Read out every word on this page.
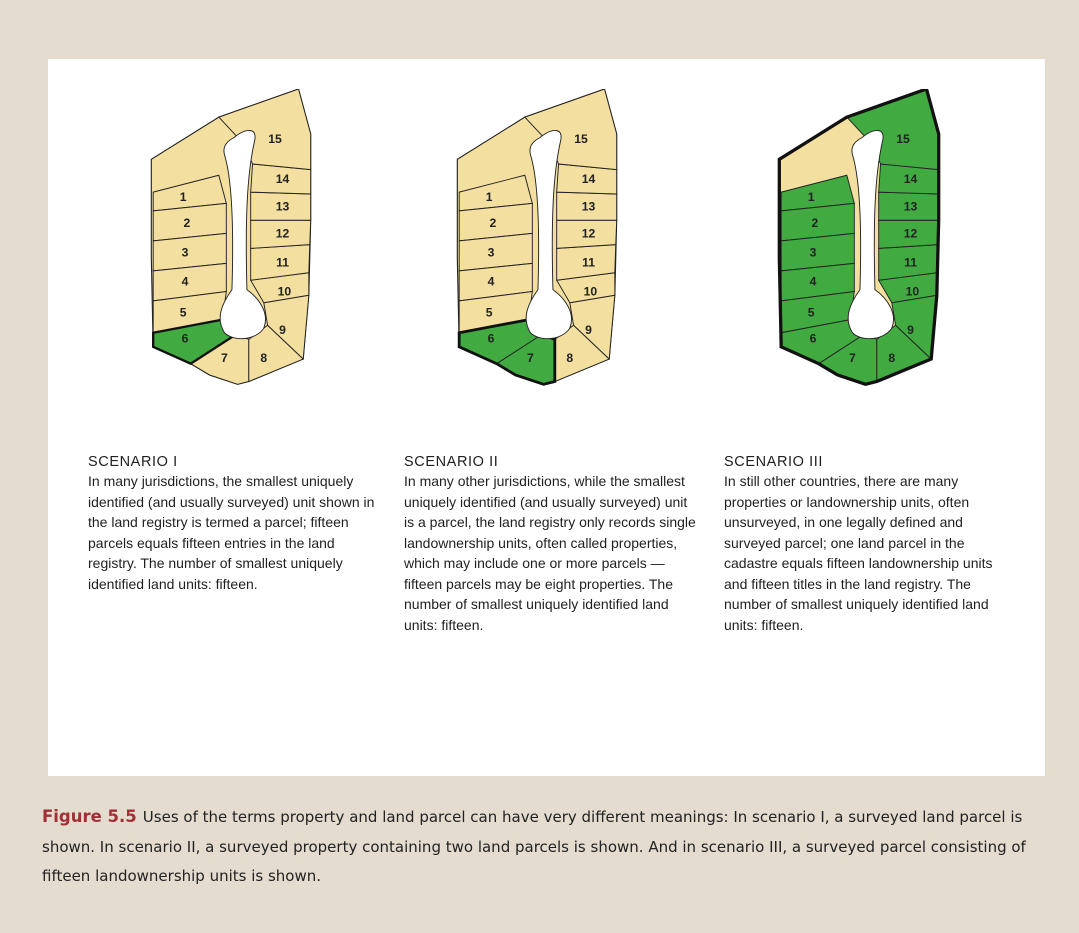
1
2
3
4
5
6
7	8
9
10
11
12
13
14
15
1
2
3
4
5
6
7	8
9
10
11
12
13
14
15
1
2
3
4
5
6
7	8
9
10
11
12
13
14
15

SCENARIO I

In many jurisdictions, the smallest uniquely identified (and usually surveyed) unit shown in the land registry is termed a parcel; fifteen parcels equals fifteen entries in the land registry. The number of smallest uniquely identified land units: fifteen.

SCENARIO II

In many other jurisdictions, while the smallest uniquely identified (and usually surveyed) unit is a parcel, the land registry only records single landownership units, often called properties, which may include one or more parcels — fifteen parcels may be eight properties. The number of smallest uniquely identified land units: fifteen.

SCENARIO III

In still other countries, there are many properties or landownership units, often unsurveyed, in one legally defined and surveyed parcel; one land parcel in the cadastre equals fifteen landownership units and fifteen titles in the land registry. The number of smallest uniquely identified land units: fifteen.

Figure 5.5 Uses of the terms property and land parcel can have very different meanings: In scenario I, a surveyed land parcel is shown. In scenario II, a surveyed property containing two land parcels is shown. And in scenario III, a surveyed parcel consisting of fifteen landownership units is shown.
